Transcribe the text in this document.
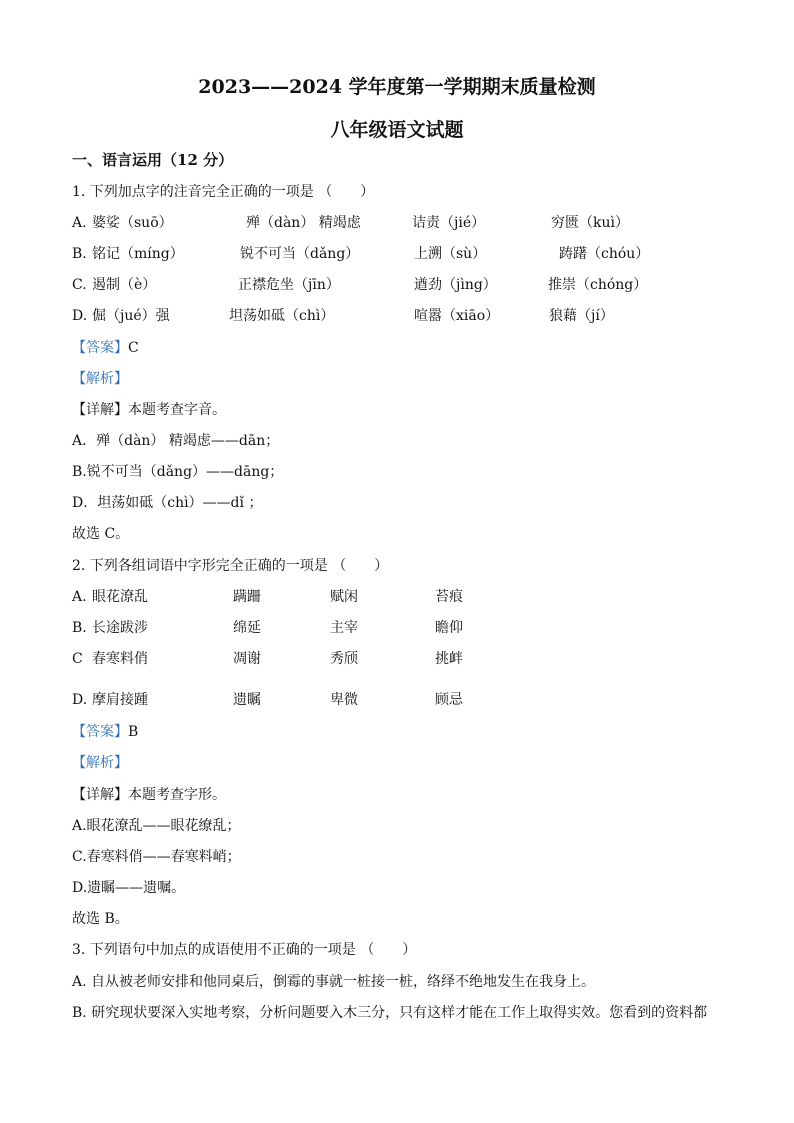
2023——2024 学年度第一学期期末质量检测
八年级语文试题
一、语言运用（12 分）
1. 下列加点字的注音完全正确的一项是 （　　）
A. 婆娑（suō）	殚（dàn） 精竭虑	诘责（jié）	穷匮（kuì）
B. 铭记（míng）	锐不可当（dǎng）	上溯（sù）	踌躇（chóu）
C. 遏制（è）	正襟危坐（jīn）	遒劲（jìng）	推崇（chóng）
D. 倔（jué）强	坦荡如砥（chì）	喧嚣（xiāo）	狼藉（jí）
【答案】C
【解析】
【详解】本题考查字音。
A．殚（dàn） 精竭虑——dān；
B.锐不可当（dǎng）——dāng；
D．坦荡如砥（chì）——dǐ ；
故选 C。
2. 下列各组词语中字形完全正确的一项是 （　　）
A. 眼花潦乱	蹒跚	赋闲	苔痕
B. 长途跋涉	绵延	主宰	瞻仰
C 春寒料俏	凋谢	秀颀	挑衅
D. 摩肩接踵	遗瞩	卑微	顾忌
【答案】B
【解析】
【详解】本题考查字形。
A.眼花潦乱——眼花缭乱；
C.春寒料俏——春寒料峭；
D.遗瞩——遗嘱。
故选 B。
3. 下列语句中加点的成语使用不正确的一项是 （　　）
A. 自从被老师安排和他同桌后，倒霉的事就一桩接一桩，络绎不绝地发生在我身上。
B. 研究现状要深入实地考察，分析问题要入木三分，只有这样才能在工作上取得实效。您看到的资料都
